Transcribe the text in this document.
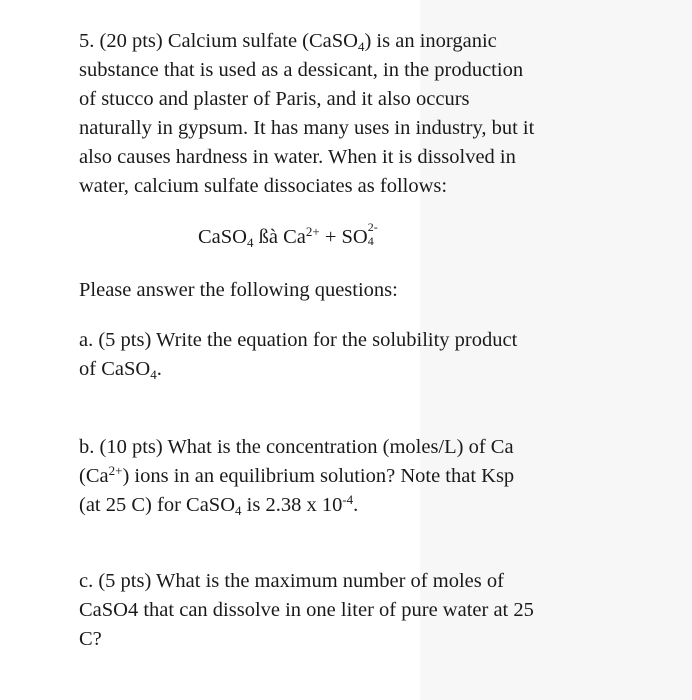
5. (20 pts) Calcium sulfate (CaSO$_4$) is an inorganic
substance that is used as a dessicant, in the production
of stucco and plaster of Paris, and it also occurs
naturally in gypsum. It has many uses in industry, but it
also causes hardness in water. When it is dissolved in
water, calcium sulfate dissociates as follows:
CaSO$_4$ ßà $Ca^{2+}$ + SO 2-
4
Please answer the following questions:
a. (5 pts) Write the equation for the solubility product
of CaSO$_4$.
b. (10 pts) What is the concentration (moles/L) of Ca
$(Ca^{2+})$ ions in an equilibrium solution? Note that Ksp
(at 25 C) for CaSO$_4$ is 2.38 x $10^{-4}$.
c. (5 pts) What is the maximum number of moles of
CaSO4 that can dissolve in one liter of pure water at 25
C?
